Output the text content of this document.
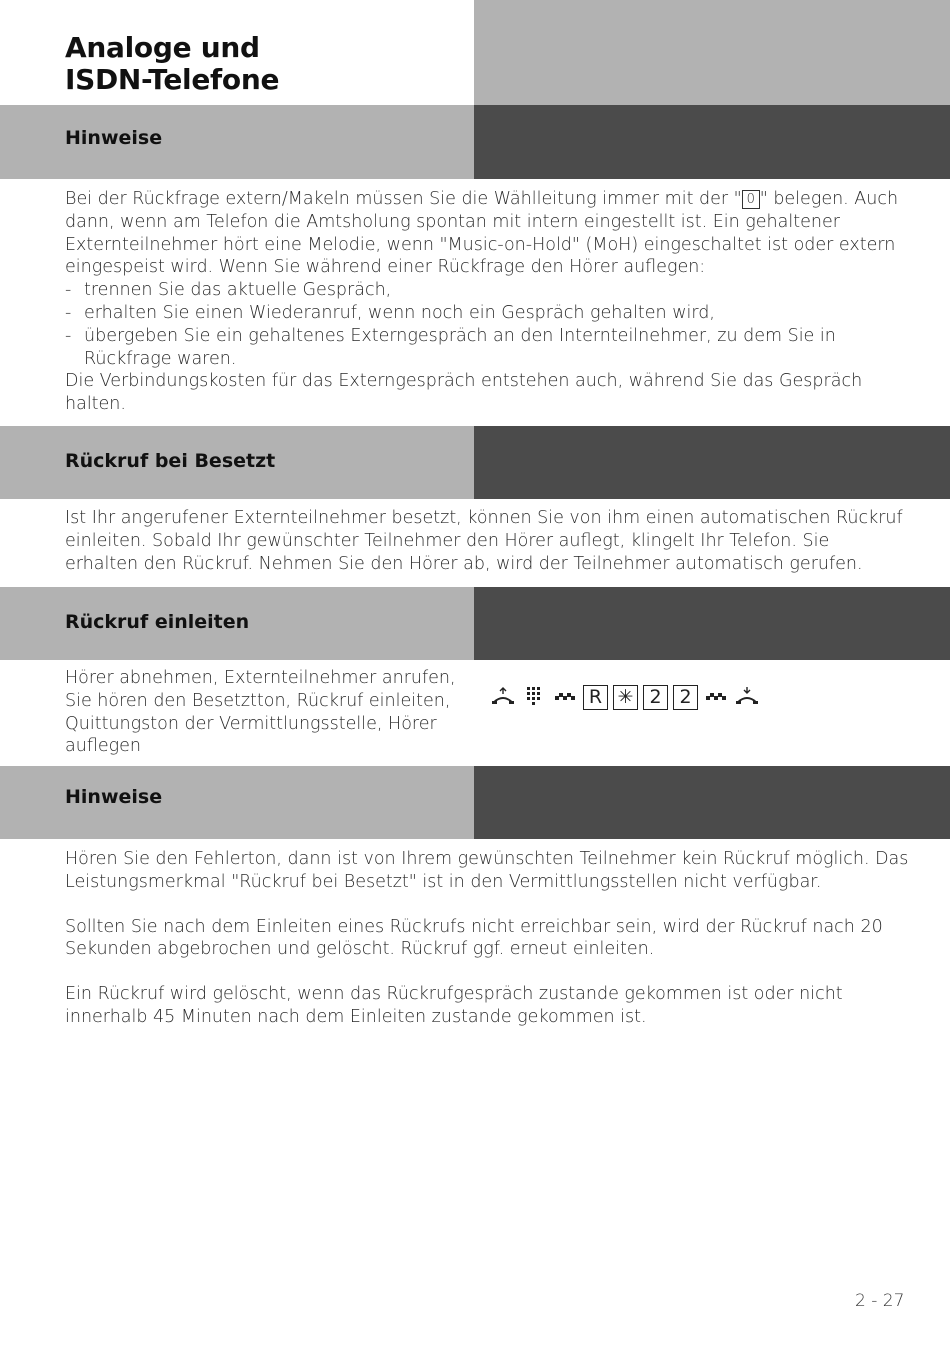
Analoge und
ISDN-Telefone
Hinweise

Bei der Rückfrage extern/Makeln müssen Sie die Wählleitung immer mit der " 0 " belegen. Auch dann, wenn am Telefon die Amtsholung spontan mit intern eingestellt ist. Ein gehaltener Externteilnehmer hört eine Melodie, wenn "Music-on-Hold" (MoH) eingeschaltet ist oder extern eingespeist wird. Wenn Sie während einer Rückfrage den Hörer auflegen:

- trennen Sie das aktuelle Gespräch,
- erhalten Sie einen Wiederanruf, wenn noch ein Gespräch gehalten wird,
- übergeben Sie ein gehaltenes Externgespräch an den Internteilnehmer, zu dem Sie in Rückfrage waren.

Die Verbindungskosten für das Externgespräch entstehen auch, während Sie das Gespräch halten.

Rückruf bei Besetzt
Ist Ihr angerufener Externteilnehmer besetzt, können Sie von ihm einen automatischen Rückruf einleiten. Sobald Ihr gewünschter Teilnehmer den Hörer auflegt, klingelt Ihr Telefon. Sie erhalten den Rückruf. Nehmen Sie den Hörer ab, wird der Teilnehmer automatisch gerufen.
Rückruf einleiten
Hörer abnehmen, Externteilnehmer anrufen, Sie hören den Besetztton, Rückruf einleiten, Quittungston der Vermittlungsstelle, Hörer auflegen
R ✳ 2 2
Hinweise

Hören Sie den Fehlerton, dann ist von Ihrem gewünschten Teilnehmer kein Rückruf möglich. Das Leistungsmerkmal "Rückruf bei Besetzt" ist in den Vermittlungsstellen nicht verfügbar.

Sollten Sie nach dem Einleiten eines Rückrufs nicht erreichbar sein, wird der Rückruf nach 20 Sekunden abgebrochen und gelöscht. Rückruf ggf. erneut einleiten.

Ein Rückruf wird gelöscht, wenn das Rückrufgespräch zustande gekommen ist oder nicht innerhalb 45 Minuten nach dem Einleiten zustande gekommen ist.

2 - 27
